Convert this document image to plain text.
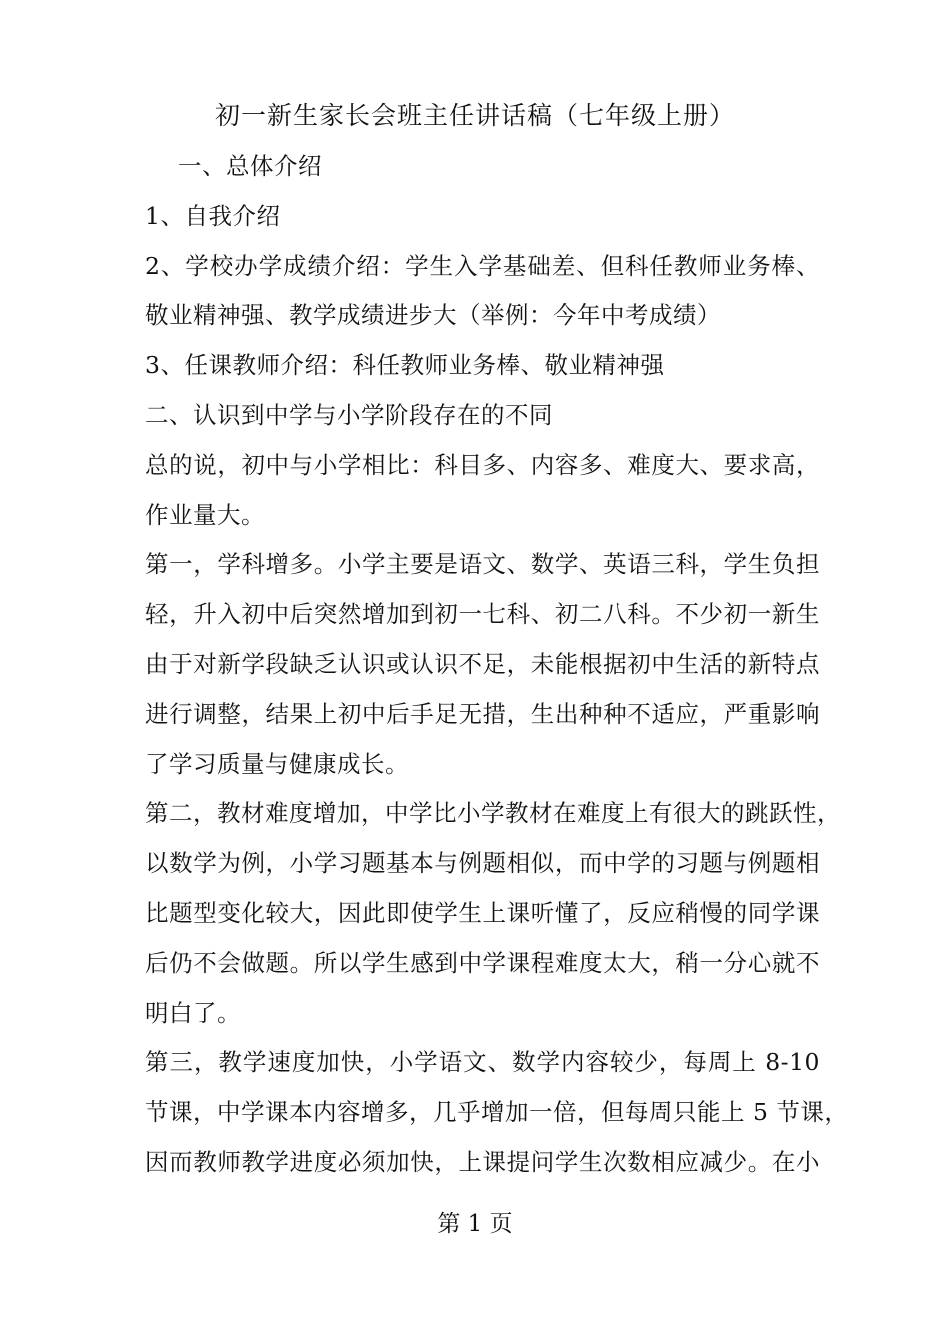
初一新生家长会班主任讲话稿（七年级上册）
一、总体介绍
1、自我介绍
2、学校办学成绩介绍：学生入学基础差、但科任教师业务棒、
敬业精神强、教学成绩进步大（举例：今年中考成绩）
3、任课教师介绍：科任教师业务棒、敬业精神强
二、认识到中学与小学阶段存在的不同
总的说，初中与小学相比：科目多、内容多、难度大、要求高，
作业量大。
第一，学科增多。小学主要是语文、数学、英语三科，学生负担
轻，升入初中后突然增加到初一七科、初二八科。不少初一新生
由于对新学段缺乏认识或认识不足，未能根据初中生活的新特点
进行调整，结果上初中后手足无措，生出种种不适应，严重影响
了学习质量与健康成长。
第二，教材难度增加，中学比小学教材在难度上有很大的跳跃性，
以数学为例，小学习题基本与例题相似，而中学的习题与例题相
比题型变化较大，因此即使学生上课听懂了，反应稍慢的同学课
后仍不会做题。所以学生感到中学课程难度太大，稍一分心就不
明白了。
第三，教学速度加快，小学语文、数学内容较少，每周上 8-10
节课，中学课本内容增多，几乎增加一倍，但每周只能上 5 节课，
因而教师教学进度必须加快，上课提问学生次数相应减少。在小
第 1 页
